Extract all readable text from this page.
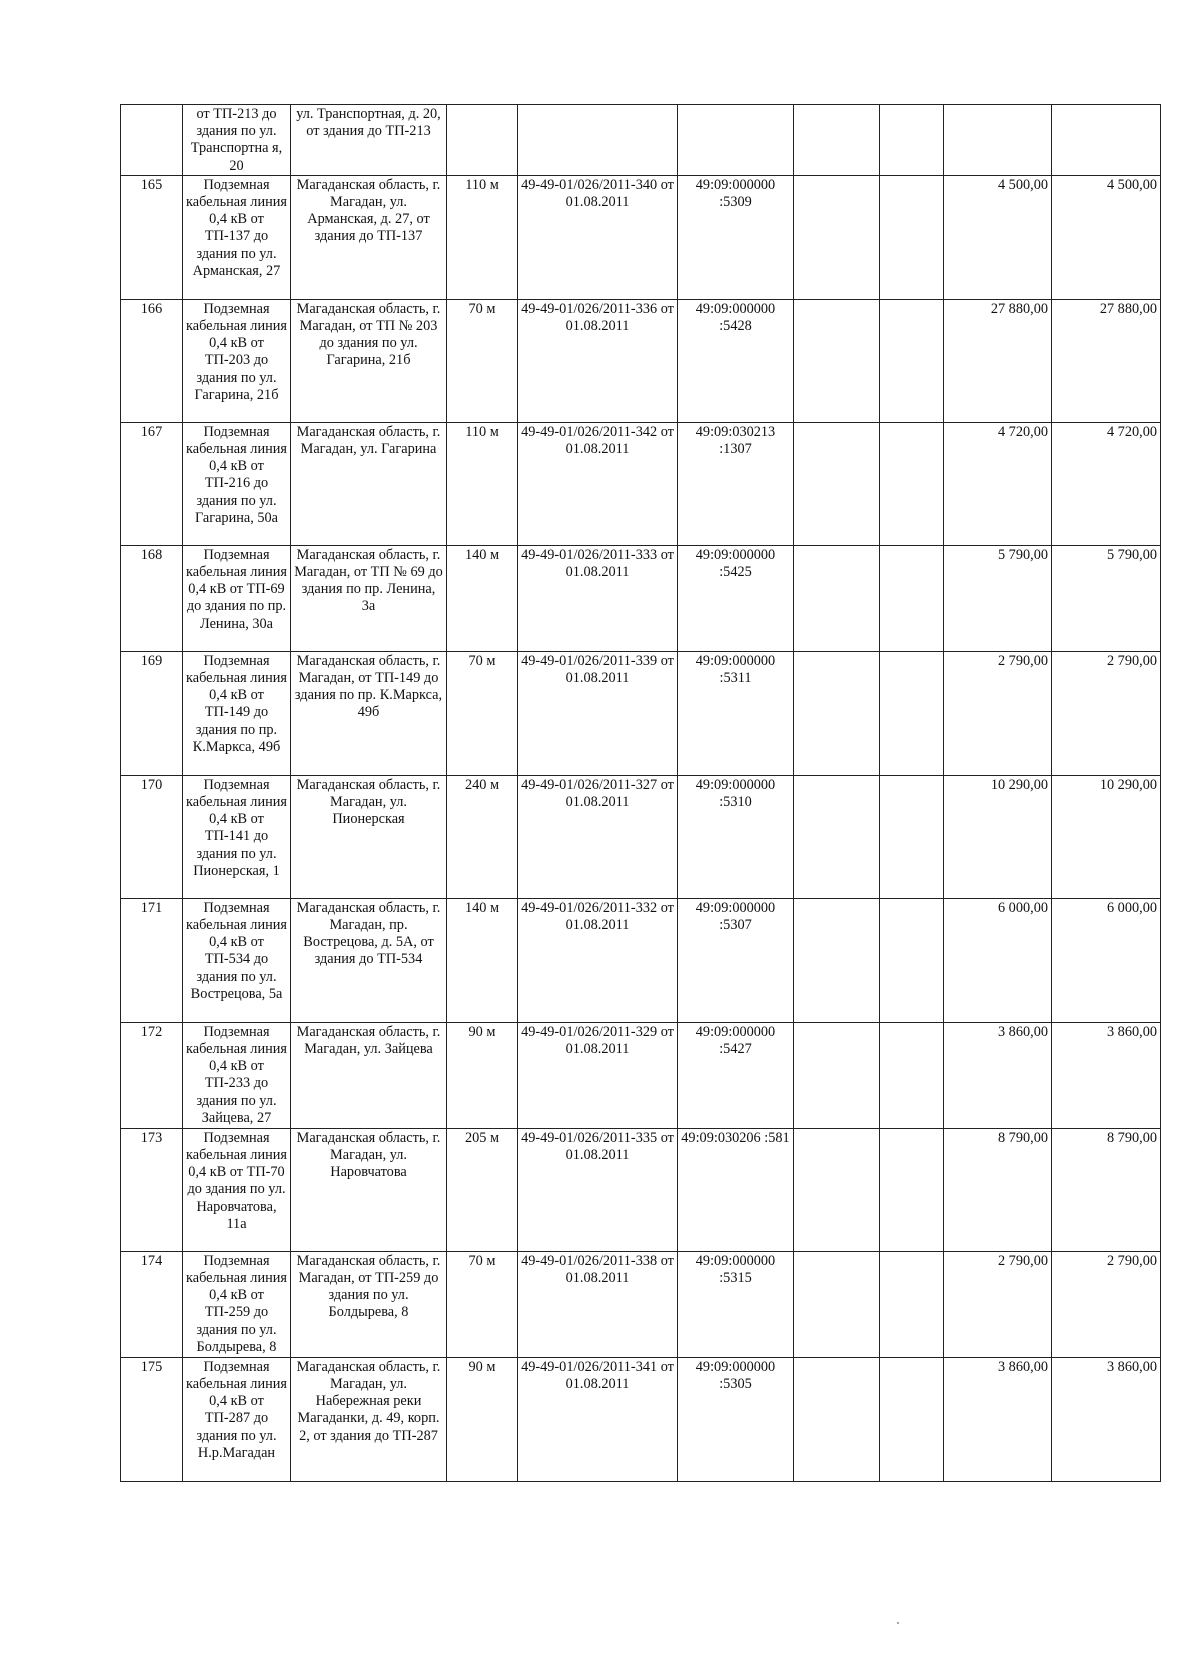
	от ТП-213 до здания по ул. Транспортна я, 20	ул. Транспортная, д. 20, от здания до ТП-213							
165	Подземная кабельная линия 0,4 кВ от ТП-137 до здания по ул. Арманская, 27	Магаданская область, г. Магадан, ул. Арманская, д. 27, от здания до ТП-137	110 м	49-49-01/026/2011-340 от 01.08.2011	49:09:000000 :5309			4 500,00	4 500,00
166	Подземная кабельная линия 0,4 кВ от ТП-203 до здания по ул. Гагарина, 21б	Магаданская область, г. Магадан, от ТП № 203 до здания по ул. Гагарина, 21б	70 м	49-49-01/026/2011-336 от 01.08.2011	49:09:000000 :5428			27 880,00	27 880,00
167	Подземная кабельная линия 0,4 кВ от ТП-216 до здания по ул. Гагарина, 50а	Магаданская область, г. Магадан, ул. Гагарина	110 м	49-49-01/026/2011-342 от 01.08.2011	49:09:030213 :1307			4 720,00	4 720,00
168	Подземная кабельная линия 0,4 кВ от ТП-69 до здания по пр. Ленина, 30а	Магаданская область, г. Магадан, от ТП № 69 до здания по пр. Ленина, 3а	140 м	49-49-01/026/2011-333 от 01.08.2011	49:09:000000 :5425			5 790,00	5 790,00
169	Подземная кабельная линия 0,4 кВ от ТП-149 до здания по пр. К.Маркса, 49б	Магаданская область, г. Магадан, от ТП-149 до здания по пр. К.Маркса, 49б	70 м	49-49-01/026/2011-339 от 01.08.2011	49:09:000000 :5311			2 790,00	2 790,00
170	Подземная кабельная линия 0,4 кВ от ТП-141 до здания по ул. Пионерская, 1	Магаданская область, г. Магадан, ул. Пионерская	240 м	49-49-01/026/2011-327 от 01.08.2011	49:09:000000 :5310			10 290,00	10 290,00
171	Подземная кабельная линия 0,4 кВ от ТП-534 до здания по ул. Вострецова, 5а	Магаданская область, г. Магадан, пр. Вострецова, д. 5А, от здания до ТП-534	140 м	49-49-01/026/2011-332 от 01.08.2011	49:09:000000 :5307			6 000,00	6 000,00
172	Подземная кабельная линия 0,4 кВ от ТП-233 до здания по ул. Зайцева, 27	Магаданская область, г. Магадан, ул. Зайцева	90 м	49-49-01/026/2011-329 от 01.08.2011	49:09:000000 :5427			3 860,00	3 860,00
173	Подземная кабельная линия 0,4 кВ от ТП-70 до здания по ул. Наровчатова, 11а	Магаданская область, г. Магадан, ул. Наровчатова	205 м	49-49-01/026/2011-335 от 01.08.2011	49:09:030206 :581			8 790,00	8 790,00
174	Подземная кабельная линия 0,4 кВ от ТП-259 до здания по ул. Болдырева, 8	Магаданская область, г. Магадан, от ТП-259 до здания по ул. Болдырева, 8	70 м	49-49-01/026/2011-338 от 01.08.2011	49:09:000000 :5315			2 790,00	2 790,00
175	Подземная кабельная линия 0,4 кВ от ТП-287 до здания по ул. Н.р.Магадан	Магаданская область, г. Магадан, ул. Набережная реки Магаданки, д. 49, корп. 2, от здания до ТП-287	90 м	49-49-01/026/2011-341 от 01.08.2011	49:09:000000 :5305			3 860,00	3 860,00
